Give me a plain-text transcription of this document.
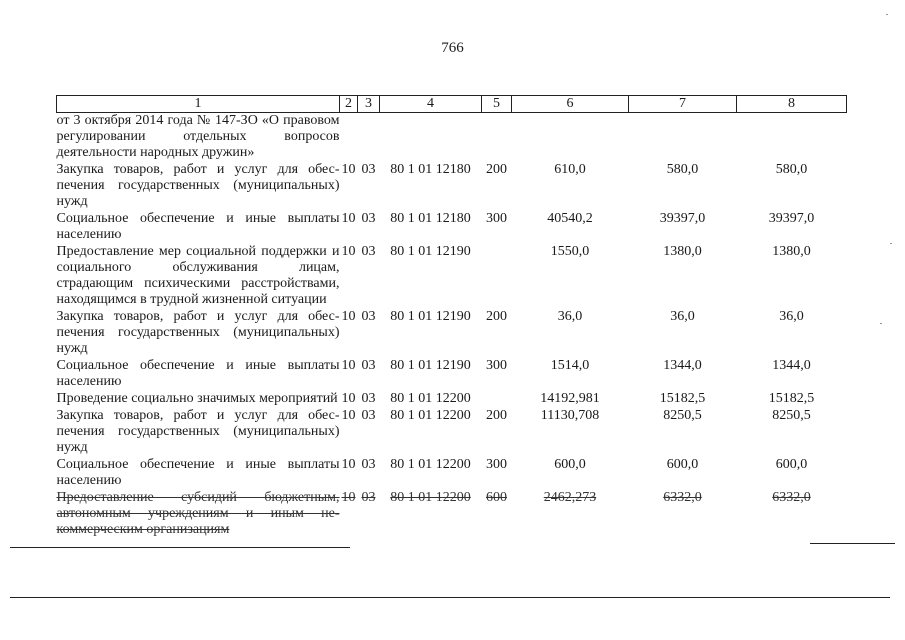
766
1	2	3	4	5	6	7	8
от 3 октября 2014 года № 147-ЗО «О правовом регулировании отдельных вопросов деятельности народных дружин»							
Закупка товаров, работ и услуг для обеспечения государственных (муниципальных) нужд	10	03	80 1 01 12180	200	610,0	580,0	580,0
Социальное обеспечение и иные выплаты населению	10	03	80 1 01 12180	300	40540,2	39397,0	39397,0
Предоставление мер социальной поддержки и социального обслуживания лицам, страдающим психическими расстройствами, находящимся в трудной жизненной ситуации	10	03	80 1 01 12190		1550,0	1380,0	1380,0
Закупка товаров, работ и услуг для обеспечения государственных (муниципальных) нужд	10	03	80 1 01 12190	200	36,0	36,0	36,0
Социальное обеспечение и иные выплаты населению	10	03	80 1 01 12190	300	1514,0	1344,0	1344,0
Проведение социально значимых мероприятий	10	03	80 1 01 12200		14192,981	15182,5	15182,5
Закупка товаров, работ и услуг для обеспечения государственных (муниципальных) нужд	10	03	80 1 01 12200	200	11130,708	8250,5	8250,5
Социальное обеспечение и иные выплаты населению	10	03	80 1 01 12200	300	600,0	600,0	600,0
Предоставление субсидий бюджетным, автономным учреждениям и иным некоммерческим организациям	10	03	80 1 01 12200	600	2462,273	6332,0	6332,0
